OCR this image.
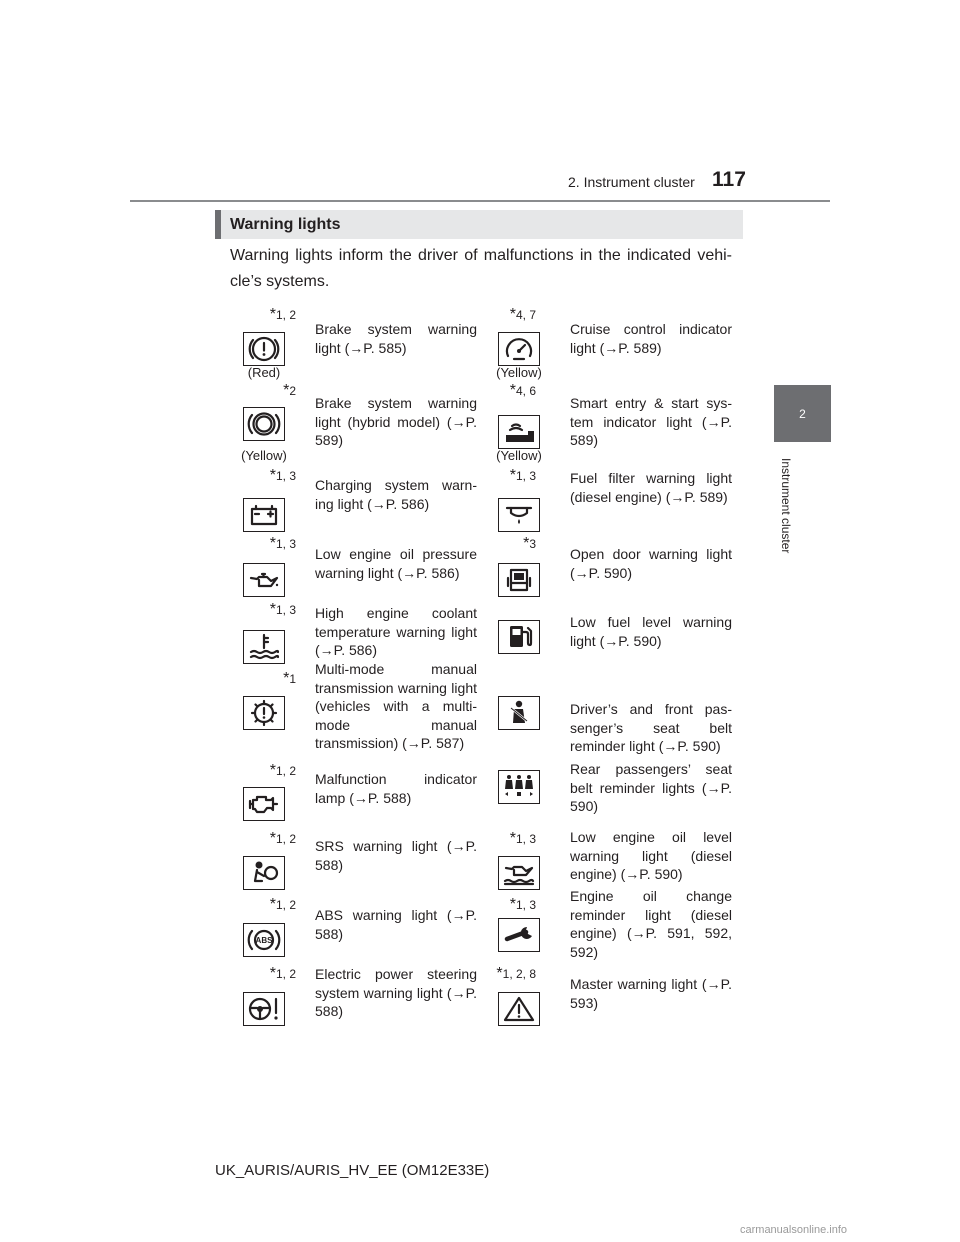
2. Instrument cluster 117
2
Instrument cluster
Warning lights
Warning lights inform the driver of malfunctions in the indicated vehi-cle’s systems.
*1, 2
(Red)
Brake system warning light (→P. 585)
*2
(Yellow)
Brake system warning light (hybrid model) (→P. 589)
*1, 3
Charging system warn-ing light (→P. 586)
*1, 3
Low engine oil pressure warning light (→P. 586)
*1, 3 High engine coolant temperature warning light (→P. 586)
*1
Multi-mode manual transmission warning light (vehicles with a multi-mode manual transmission) (→P. 587)
*1, 2 Malfunction indicator lamp (→P. 588)
*1, 2 SRS warning light (→P. 588)
*1, 2
ABS
ABS warning light (→P. 588)
*1, 2 Electric power steering system warning light (→P. 588)
*4, 7
(Yellow)
Cruise control indicator light (→P. 589)
*4, 6
(Yellow)
Smart entry & start sys-tem indicator light (→P. 589)
*1, 3 Fuel filter warning light (diesel engine) (→P. 589)
*3
Open door warning light (→P. 590)
Low fuel level warning light (→P. 590)
Driver’s and front pas-senger’s seat belt reminder light (→P. 590)
Rear passengers’ seat belt reminder lights (→P. 590)
*1, 3 Low engine oil level warning light (diesel engine) (→P. 590)
*1, 3
Engine oil change reminder light (diesel engine) (→P. 591, 592, 592)
*1, 2, 8
Master warning light (→P. 593)
UK_AURIS/AURIS_HV_EE (OM12E33E)
carmanualsonline.info
